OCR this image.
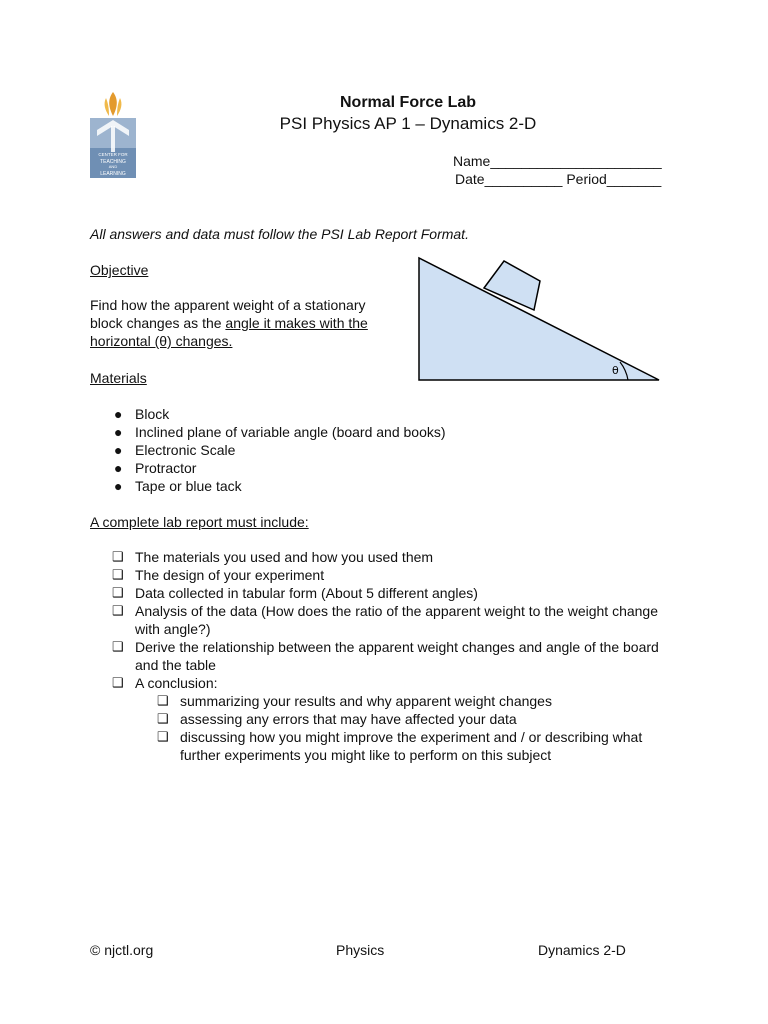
CENTER FOR
TEACHING
AND
LEARNING
Normal Force Lab
PSI Physics AP 1 – Dynamics 2-D
Name______________________
Date__________ Period_______
All answers and data must follow the PSI Lab Report Format.
Objective
Find how the apparent weight of a stationary
block changes as the angle it makes with the
horizontal (θ) changes.
θ
Materials
● Block
● Inclined plane of variable angle (board and books)
● Electronic Scale
● Protractor
● Tape or blue tack
A complete lab report must include:
❑ The materials you used and how you used them
❑ The design of your experiment
❑ Data collected in tabular form (About 5 different angles)
❑ Analysis of the data (How does the ratio of the apparent weight to the weight change with angle?)
❑ Derive the relationship between the apparent weight changes and angle of the board and the table
❑ A conclusion:
❑ summarizing your results and why apparent weight changes
❑ assessing any errors that may have affected your data
❑ discussing how you might improve the experiment and / or describing what further experiments you might like to perform on this subject
© njctl.org	Physics	Dynamics 2-D
